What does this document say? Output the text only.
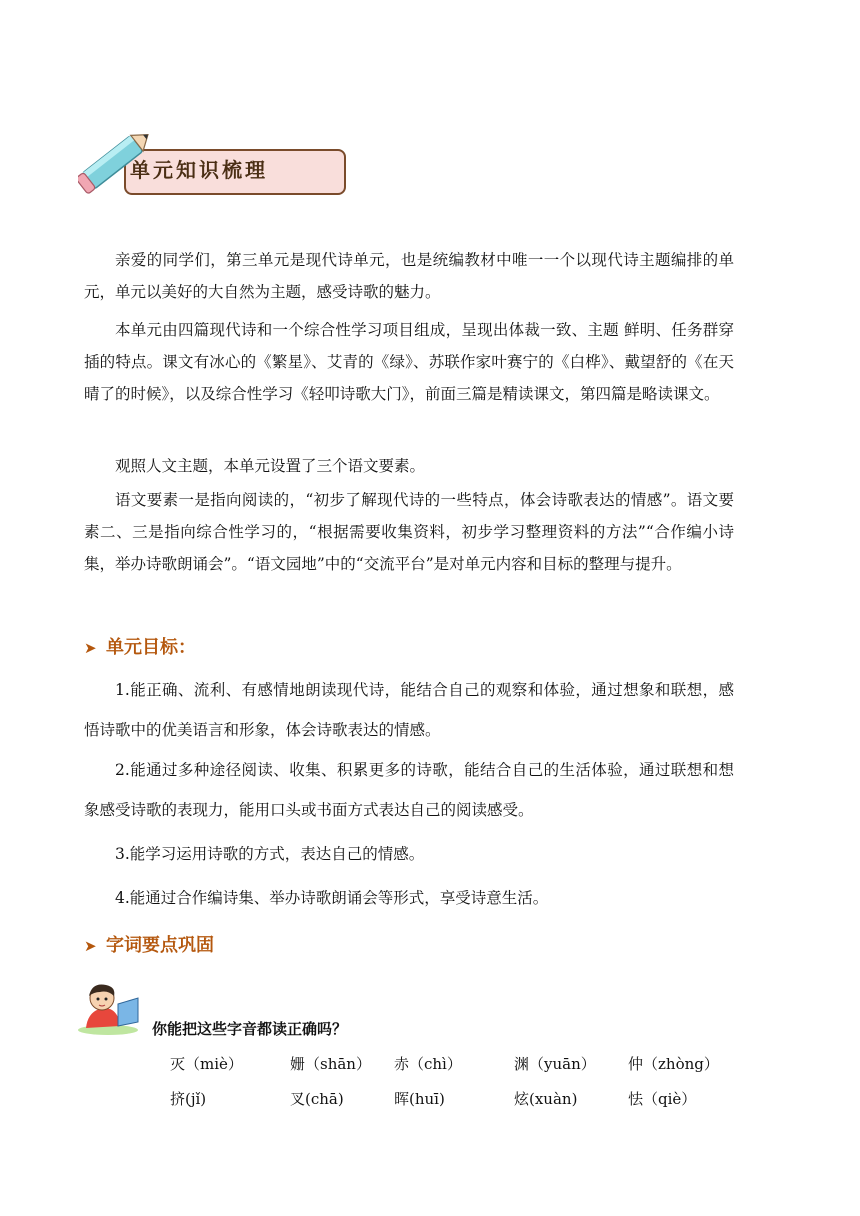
单元知识梳理

亲爱的同学们，第三单元是现代诗单元，也是统编教材中唯一一个以现代诗主题编排的单元，单元以美好的大自然为主题，感受诗歌的魅力。

本单元由四篇现代诗和一个综合性学习项目组成，呈现出体裁一致、主题 鲜明、任务群穿插的特点。课文有冰心的《繁星》、艾青的《绿》、苏联作家叶赛宁的《白桦》、戴望舒的《在天晴了的时候》，以及综合性学习《轻叩诗歌大门》，前面三篇是精读课文，第四篇是略读课文。

观照人文主题，本单元设置了三个语文要素。

语文要素一是指向阅读的，“初步了解现代诗的一些特点，体会诗歌表达的情感”。语文要素二、三是指向综合性学习的，“根据需要收集资料，初步学习整理资料的方法”“合作编小诗集，举办诗歌朗诵会”。“语文园地”中的“交流平台”是对单元内容和目标的整理与提升。

➤ 单元目标：

1.能正确、流利、有感情地朗读现代诗，能结合自己的观察和体验，通过想象和联想，感悟诗歌中的优美语言和形象，体会诗歌表达的情感。

2.能通过多种途径阅读、收集、积累更多的诗歌，能结合自己的生活体验，通过联想和想象感受诗歌的表现力，能用口头或书面方式表达自己的阅读感受。

3.能学习运用诗歌的方式，表达自己的情感。

4.能通过合作编诗集、举办诗歌朗诵会等形式，享受诗意生活。

➤ 字词要点巩固
你能把这些字音都读正确吗？
灭（miè）	姗（shān） 赤（chì）	渊（yuān） 仲（zhòng）
挤(jǐ)	叉(chā)	晖(huī)	炫(xuàn)	怯（qiè）
